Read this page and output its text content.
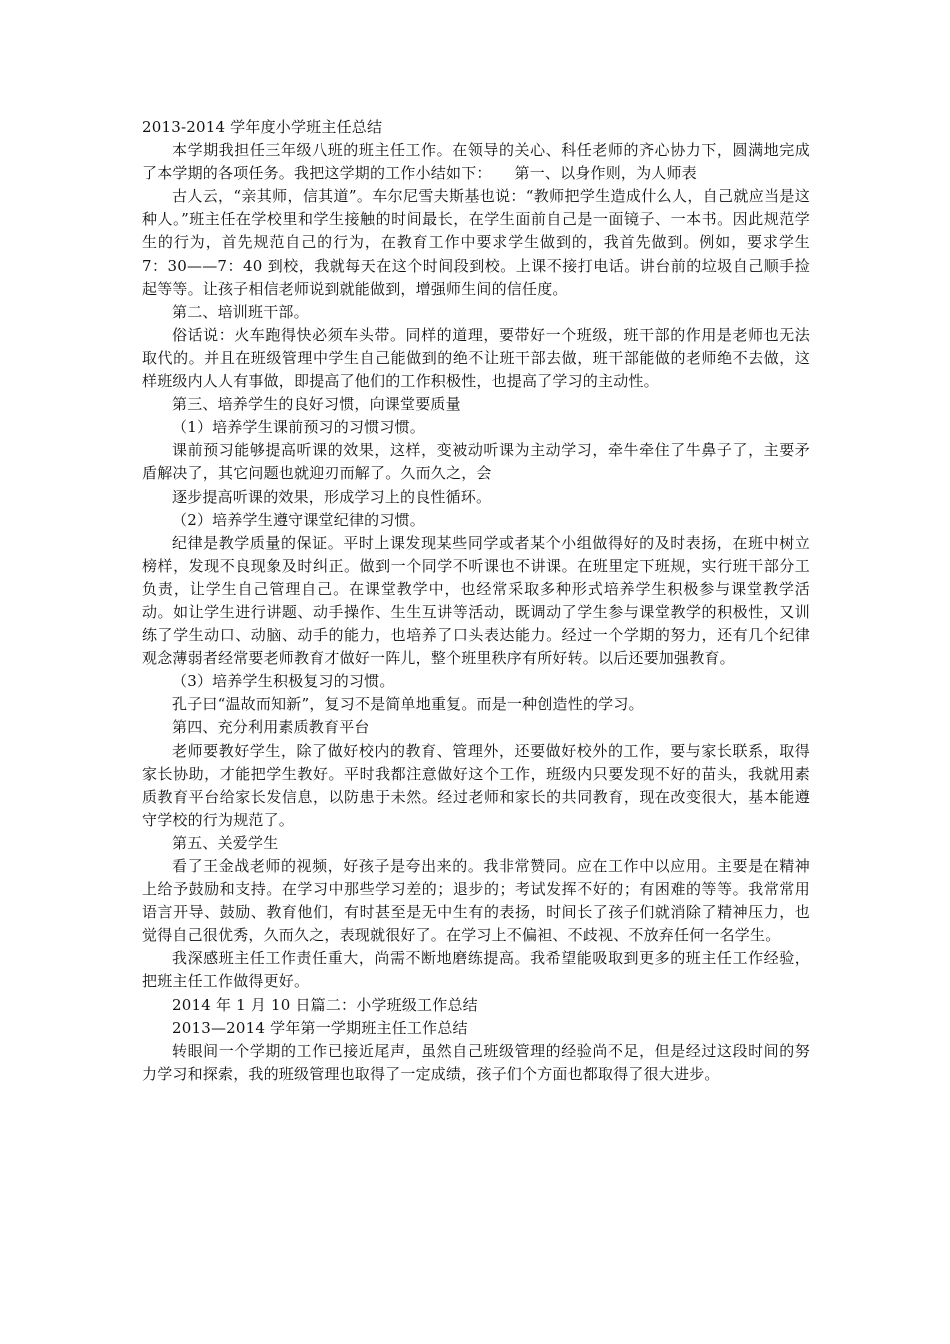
2013-2014 学年度小学班主任总结

本学期我担任三年级八班的班主任工作。在领导的关心、科任老师的齐心协力下，圆满地完成了本学期的各项任务。我把这学期的工作小结如下：　　第一、以身作则，为人师表

古人云，“亲其师，信其道”。车尔尼雪夫斯基也说：“教师把学生造成什么人，自己就应当是这种人。”班主任在学校里和学生接触的时间最长，在学生面前自己是一面镜子、一本书。因此规范学生的行为，首先规范自己的行为，在教育工作中要求学生做到的，我首先做到。例如，要求学生 7：30——7：40 到校，我就每天在这个时间段到校。上课不接打电话。讲台前的垃圾自己顺手捡起等等。让孩子相信老师说到就能做到，增强师生间的信任度。

第二、培训班干部。

俗话说：火车跑得快必须车头带。同样的道理，要带好一个班级，班干部的作用是老师也无法取代的。并且在班级管理中学生自己能做到的绝不让班干部去做，班干部能做的老师绝不去做，这样班级内人人有事做，即提高了他们的工作积极性，也提高了学习的主动性。

第三、培养学生的良好习惯，向课堂要质量

（1）培养学生课前预习的习惯习惯。

课前预习能够提高听课的效果，这样，变被动听课为主动学习，牵牛牵住了牛鼻子了，主要矛盾解决了，其它问题也就迎刃而解了。久而久之，会

逐步提高听课的效果，形成学习上的良性循环。

（2）培养学生遵守课堂纪律的习惯。

纪律是教学质量的保证。平时上课发现某些同学或者某个小组做得好的及时表扬，在班中树立榜样，发现不良现象及时纠正。做到一个同学不听课也不讲课。在班里定下班规，实行班干部分工负责，让学生自己管理自己。在课堂教学中，也经常采取多种形式培养学生积极参与课堂教学活动。如让学生进行讲题、动手操作、生生互讲等活动，既调动了学生参与课堂教学的积极性，又训练了学生动口、动脑、动手的能力，也培养了口头表达能力。经过一个学期的努力，还有几个纪律观念薄弱者经常要老师教育才做好一阵儿，整个班里秩序有所好转。以后还要加强教育。

（3）培养学生积极复习的习惯。

孔子曰“温故而知新”，复习不是简单地重复。而是一种创造性的学习。

第四、充分利用素质教育平台

老师要教好学生，除了做好校内的教育、管理外，还要做好校外的工作，要与家长联系，取得家长协助，才能把学生教好。平时我都注意做好这个工作，班级内只要发现不好的苗头，我就用素质教育平台给家长发信息，以防患于未然。经过老师和家长的共同教育，现在改变很大，基本能遵守学校的行为规范了。

第五、关爱学生

看了王金战老师的视频，好孩子是夸出来的。我非常赞同。应在工作中以应用。主要是在精神上给予鼓励和支持。在学习中那些学习差的；退步的；考试发挥不好的；有困难的等等。我常常用语言开导、鼓励、教育他们，有时甚至是无中生有的表扬，时间长了孩子们就消除了精神压力，也觉得自己很优秀，久而久之，表现就很好了。在学习上不偏袒、不歧视、不放弃任何一名学生。

我深感班主任工作责任重大，尚需不断地磨练提高。我希望能吸取到更多的班主任工作经验，把班主任工作做得更好。

2014 年 1 月 10 日篇二：小学班级工作总结

2013—2014 学年第一学期班主任工作总结

转眼间一个学期的工作已接近尾声，虽然自己班级管理的经验尚不足，但是经过这段时间的努力学习和探索，我的班级管理也取得了一定成绩，孩子们个方面也都取得了很大进步。
